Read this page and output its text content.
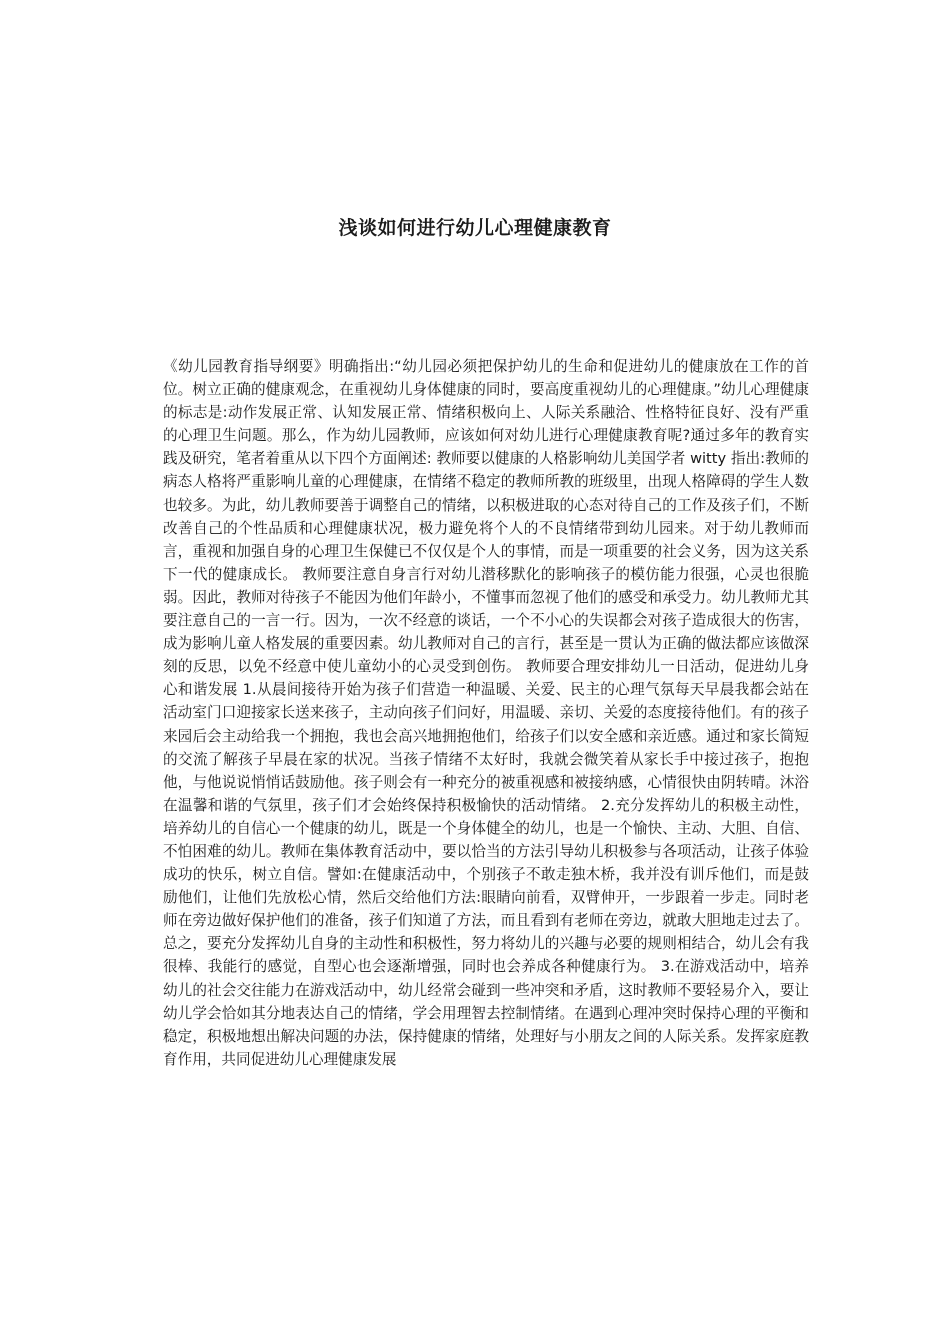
浅谈如何进行幼儿心理健康教育

《幼儿园教育指导纲要》明确指出:“幼儿园必须把保护幼儿的生命和促进幼儿的健康放在工作的首位。树立正确的健康观念，在重视幼儿身体健康的同时，要高度重视幼儿的心理健康。”幼儿心理健康的标志是:动作发展正常、认知发展正常、情绪积极向上、人际关系融洽、性格特征良好、没有严重的心理卫生问题。那么，作为幼儿园教师，应该如何对幼儿进行心理健康教育呢?通过多年的教育实践及研究，笔者着重从以下四个方面阐述: 教师要以健康的人格影响幼儿美国学者 witty 指出:教师的病态人格将严重影响儿童的心理健康，在情绪不稳定的教师所教的班级里，出现人格障碍的学生人数也较多。为此，幼儿教师要善于调整自己的情绪，以积极进取的心态对待自己的工作及孩子们，不断改善自己的个性品质和心理健康状况，极力避免将个人的不良情绪带到幼儿园来。对于幼儿教师而言，重视和加强自身的心理卫生保健已不仅仅是个人的事情，而是一项重要的社会义务，因为这关系下一代的健康成长。 教师要注意自身言行对幼儿潜移默化的影响孩子的模仿能力很强，心灵也很脆弱。因此，教师对待孩子不能因为他们年龄小，不懂事而忽视了他们的感受和承受力。幼儿教师尤其要注意自己的一言一行。因为，一次不经意的谈话，一个不小心的失误都会对孩子造成很大的伤害，成为影响儿童人格发展的重要因素。幼儿教师对自己的言行，甚至是一贯认为正确的做法都应该做深刻的反思，以免不经意中使儿童幼小的心灵受到创伤。 教师要合理安排幼儿一日活动，促进幼儿身心和谐发展 1.从晨间接待开始为孩子们营造一种温暖、关爱、民主的心理气氛每天早晨我都会站在活动室门口迎接家长送来孩子，主动向孩子们问好，用温暖、亲切、关爱的态度接待他们。有的孩子来园后会主动给我一个拥抱，我也会高兴地拥抱他们，给孩子们以安全感和亲近感。通过和家长简短的交流了解孩子早晨在家的状况。当孩子情绪不太好时，我就会微笑着从家长手中接过孩子，抱抱他，与他说说悄悄话鼓励他。孩子则会有一种充分的被重视感和被接纳感，心情很快由阴转晴。沐浴在温馨和谐的气氛里，孩子们才会始终保持积极愉快的活动情绪。 2.充分发挥幼儿的积极主动性，培养幼儿的自信心一个健康的幼儿，既是一个身体健全的幼儿，也是一个愉快、主动、大胆、自信、不怕困难的幼儿。教师在集体教育活动中，要以恰当的方法引导幼儿积极参与各项活动，让孩子体验成功的快乐，树立自信。譬如:在健康活动中，个别孩子不敢走独木桥，我并没有训斥他们，而是鼓励他们，让他们先放松心情，然后交给他们方法:眼睛向前看，双臂伸开，一步跟着一步走。同时老师在旁边做好保护他们的准备，孩子们知道了方法，而且看到有老师在旁边，就敢大胆地走过去了。总之，要充分发挥幼儿自身的主动性和积极性，努力将幼儿的兴趣与必要的规则相结合，幼儿会有我很棒、我能行的感觉，自型心也会逐渐增强，同时也会养成各种健康行为。 3.在游戏活动中，培养幼儿的社会交往能力在游戏活动中，幼儿经常会碰到一些冲突和矛盾，这时教师不要轻易介入，要让幼儿学会恰如其分地表达自己的情绪，学会用理智去控制情绪。在遇到心理冲突时保持心理的平衡和稳定，积极地想出解决问题的办法，保持健康的情绪，处理好与小朋友之间的人际关系。发挥家庭教育作用，共同促进幼儿心理健康发展
